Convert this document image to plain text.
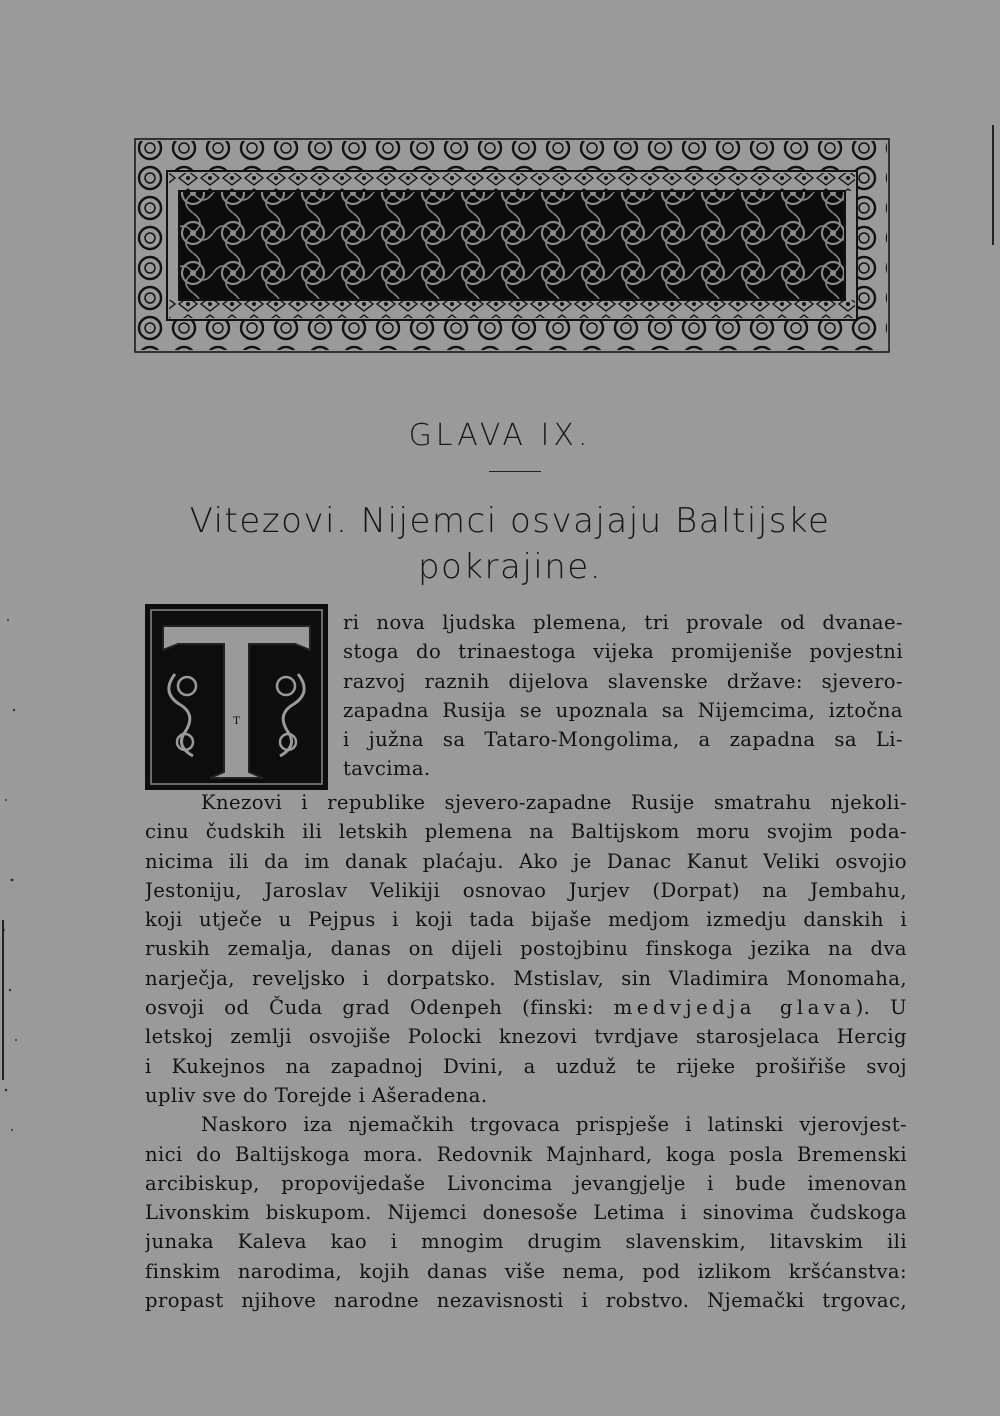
GLAVA IX.
Vitezovi. Nijemci osvajaju Baltijske
pokrajine.
T
ri nova ljudska plemena, tri provale od dvanae-
stoga do trinaestoga vijeka promijeniše povjestni
razvoj raznih dijelova slavenske države: sjevero-
zapadna Rusija se upoznala sa Nijemcima, iztočna
i južna sa Tataro-Mongolima, a zapadna sa Li-
tavcima.
Knezovi i republike sjevero-zapadne Rusije smatrahu njekoli-
cinu čudskih ili letskih plemena na Baltijskom moru svojim poda-
nicima ili da im danak plaćaju. Ako je Danac Kanut Veliki osvojio
Jestoniju, Jaroslav Velikiji osnovao Jurjev (Dorpat) na Jembahu,
koji utječe u Pejpus i koji tada bijaše medjom izmedju danskih i
ruskih zemalja, danas on dijeli postojbinu finskoga jezika na dva
narječja, reveljsko i dorpatsko. Mstislav, sin Vladimira Monomaha,
osvoji od Čuda grad Odenpeh (finski: medvjedja glava). U
letskoj zemlji osvojiše Polocki knezovi tvrdjave starosjelaca Hercig
i Kukejnos na zapadnoj Dvini, a uzduž te rijeke prošiřiše svoj
upliv sve do Torejde i Ašeradena.
Naskoro iza njemačkih trgovaca prispješe i latinski vjerovjest-
nici do Baltijskoga mora. Redovnik Majnhard, koga posla Bremenski
arcibiskup, propovijedaše Livoncima jevangjelje i bude imenovan
Livonskim biskupom. Nijemci donesoše Letima i sinovima čudskoga
junaka Kaleva kao i mnogim drugim slavenskim, litavskim ili
finskim narodima, kojih danas više nema, pod izlikom kršćanstva:
propast njihove narodne nezavisnosti i robstvo. Njemački trgovac,
